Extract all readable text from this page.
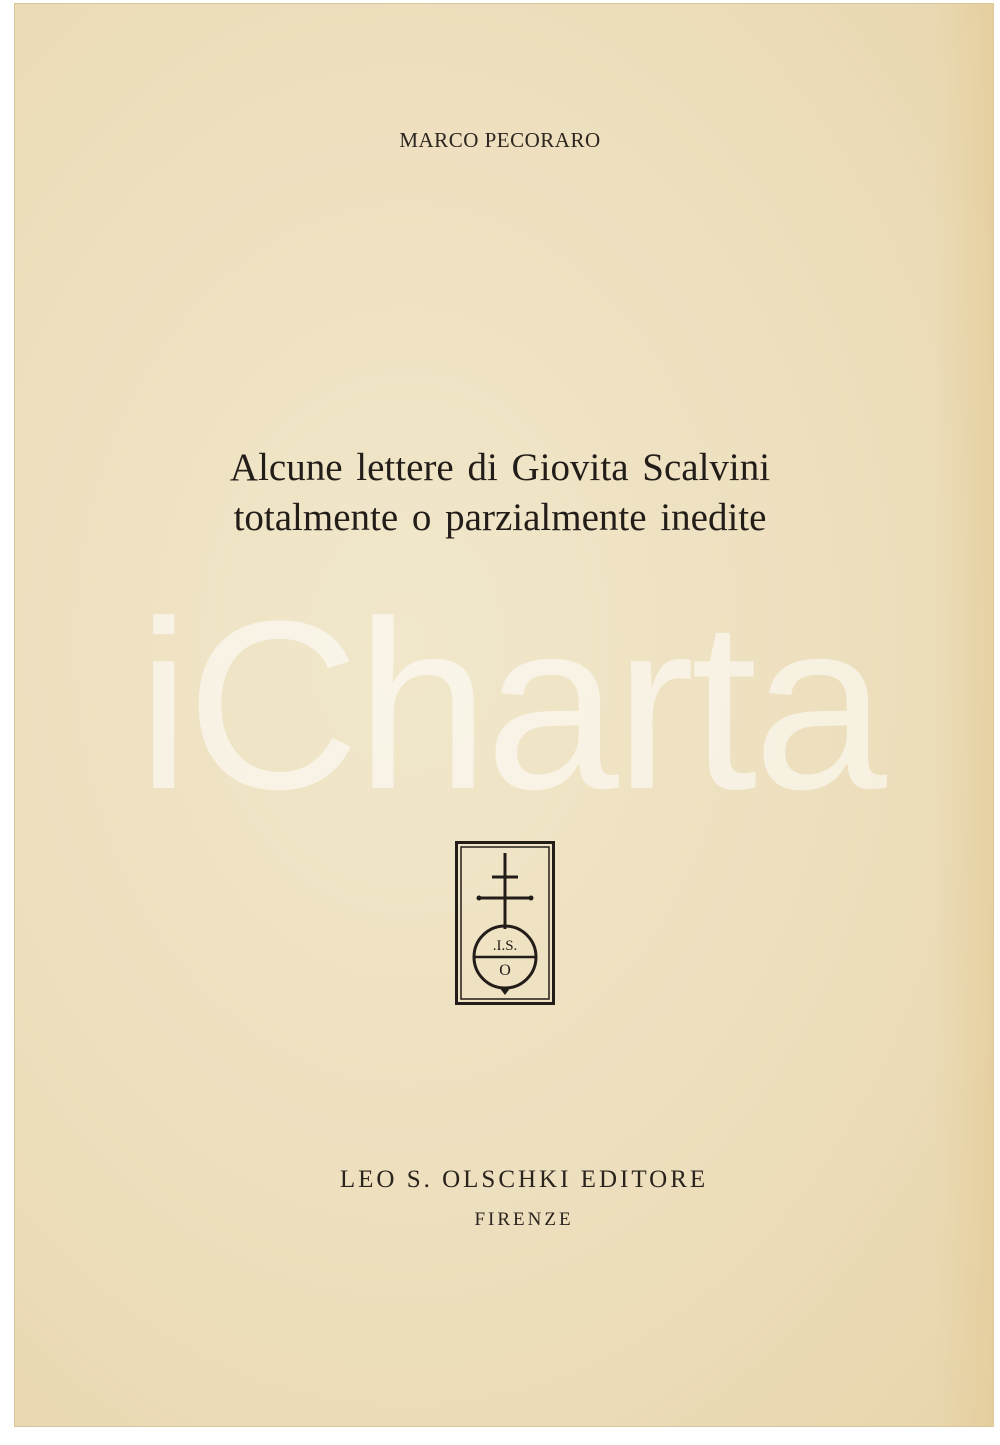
MARCO PECORARO
Alcune lettere di Giovita Scalvini
totalmente o parzialmente inedite
iCharta
.I.S.
O
LEO S. OLSCHKI EDITORE
FIRENZE
